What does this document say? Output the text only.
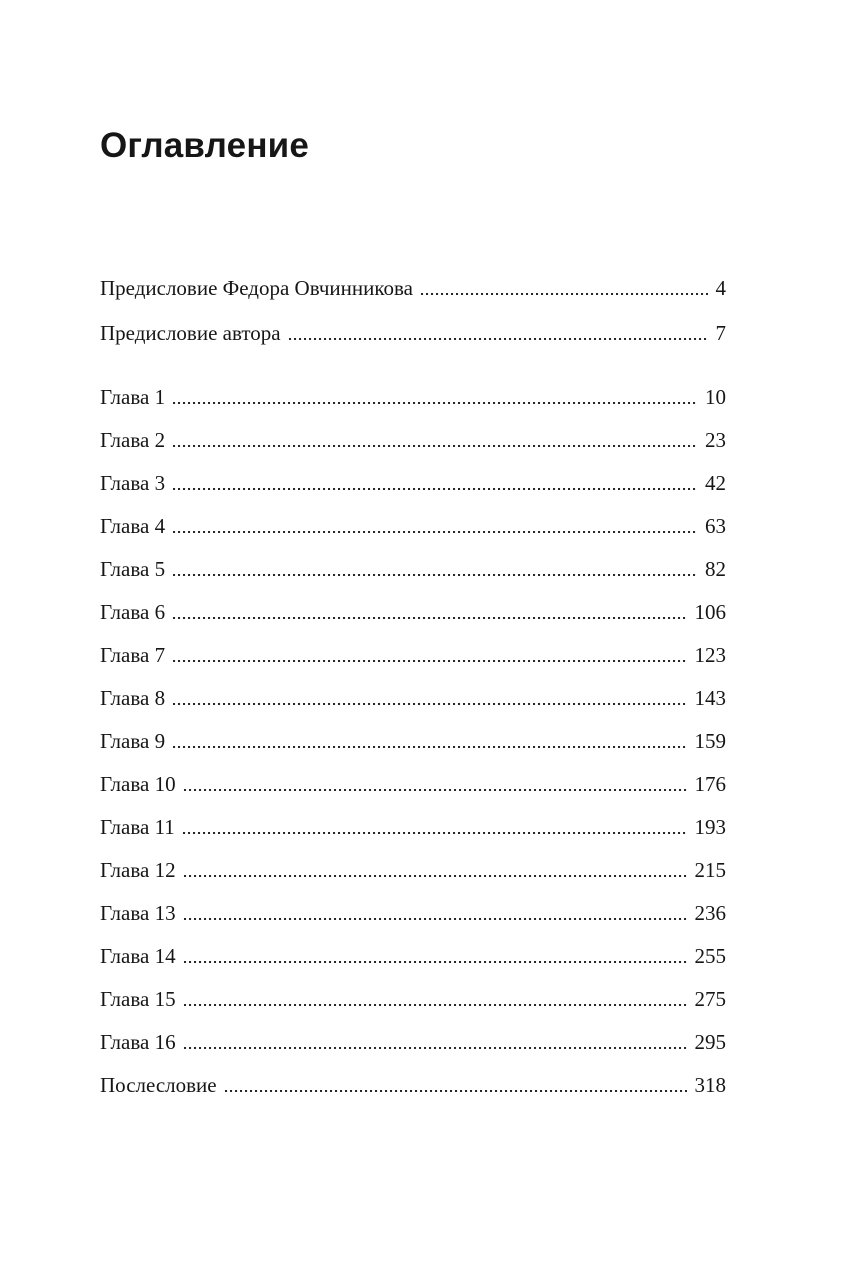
Оглавление
Предисловие Федора Овчинникова	4
Предисловие автора	7
Глава 1	10
Глава 2	23
Глава 3	42
Глава 4	63
Глава 5	82
Глава 6	106
Глава 7	123
Глава 8	143
Глава 9	159
Глава 10	176
Глава 11	193
Глава 12	215
Глава 13	236
Глава 14	255
Глава 15	275
Глава 16	295
Послесловие	318
